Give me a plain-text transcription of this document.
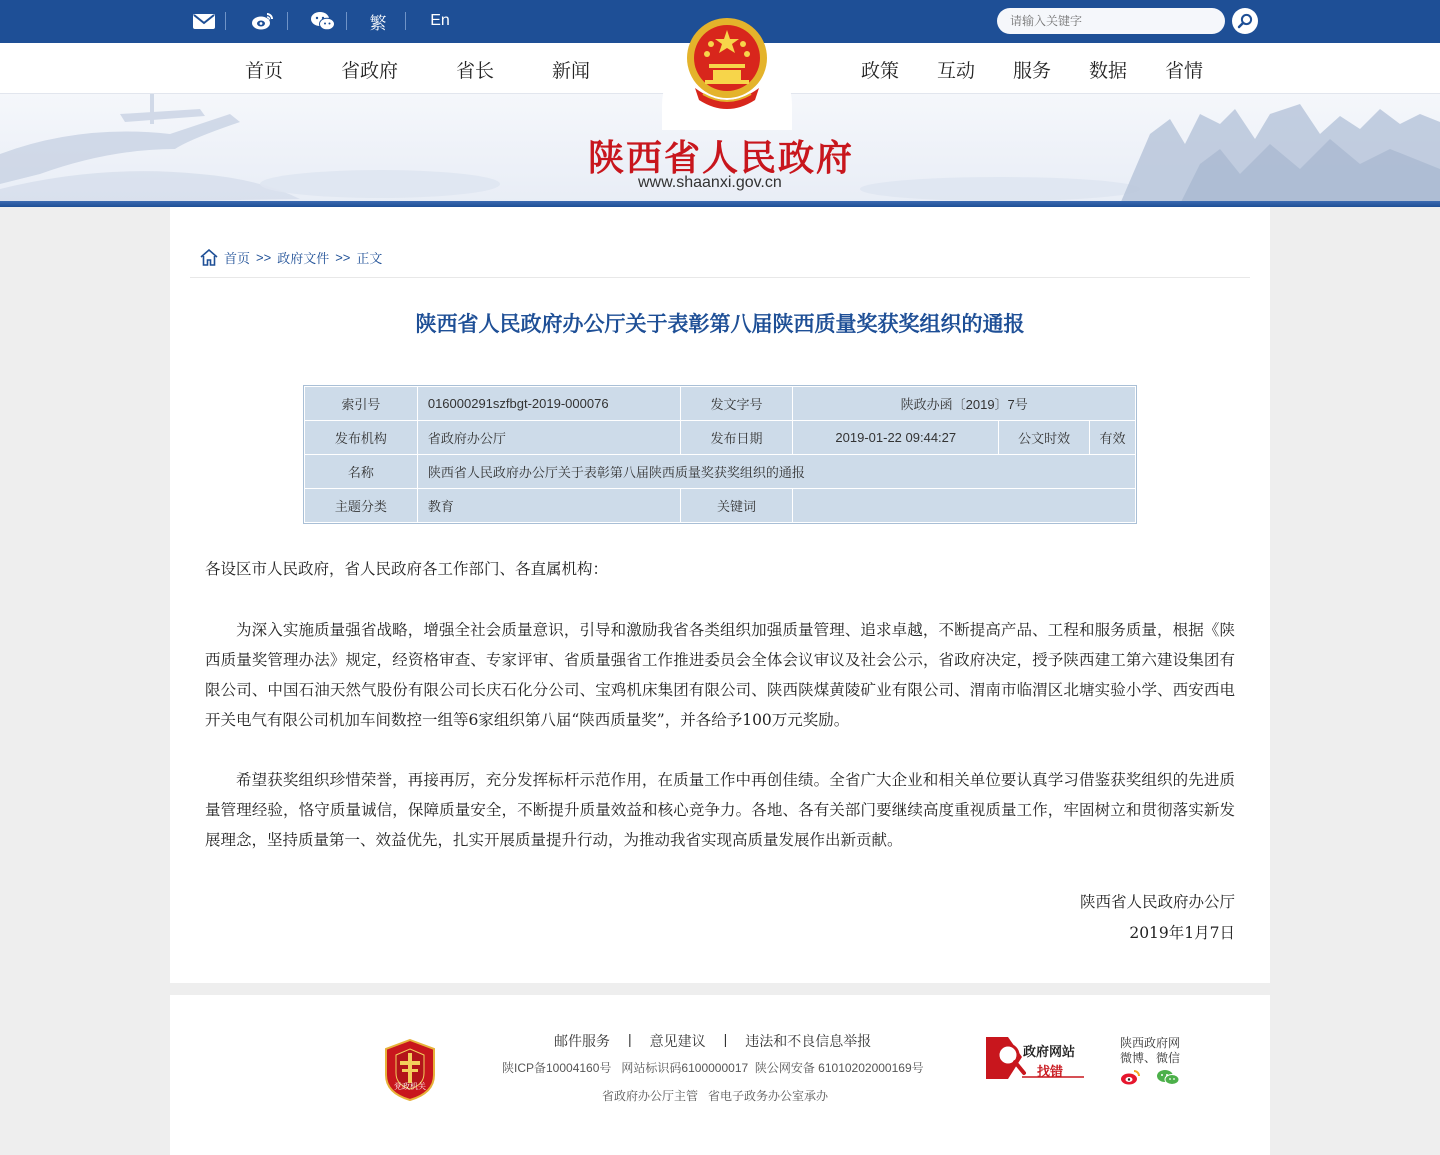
繁	En
请输入关键字
首页	省政府	省长	新闻	政策 互动 服务 数据 省情
陕西省人民政府
www.shaanxi.gov.cn
首页 >> 政府文件 >> 正文
陕西省人民政府办公厅关于表彰第八届陕西质量奖获奖组织的通报
索引号	016000291szfbgt-2019-000076	发文字号	陕政办函〔2019〕7号		
发布机构	省政府办公厅	发布日期	2019-01-22 09:44:27	公文时效	有效
名称	陕西省人民政府办公厅关于表彰第八届陕西质量奖获奖组织的通报				
主题分类	教育	关键词			
各设区市人民政府，省人民政府各工作部门、各直属机构：
为深入实施质量强省战略，增强全社会质量意识，引导和激励我省各类组织加强质量管理、追求卓越，不断提高产品、工程和服务质量，根据《陕西质量奖管理办法》规定，经资格审查、专家评审、省质量强省工作推进委员会全体会议审议及社会公示，省政府决定，授予陕西建工第六建设集团有限公司、中国石油天然气股份有限公司长庆石化分公司、宝鸡机床集团有限公司、陕西陕煤黄陵矿业有限公司、渭南市临渭区北塘实验小学、西安西电开关电气有限公司机加车间数控一组等6家组织第八届“陕西质量奖”，并各给予100万元奖励。
希望获奖组织珍惜荣誉，再接再厉，充分发挥标杆示范作用，在质量工作中再创佳绩。全省广大企业和相关单位要认真学习借鉴获奖组织的先进质量管理经验，恪守质量诚信，保障质量安全，不断提升质量效益和核心竞争力。各地、各有关部门要继续高度重视质量工作，牢固树立和贯彻落实新发展理念，坚持质量第一、效益优先，扎实开展质量提升行动，为推动我省实现高质量发展作出新贡献。
陕西省人民政府办公厅
2019年1月7日
党政机关
邮件服务 | 意见建议 | 违法和不良信息举报
陕ICP备10004160号 网站标识码6100000017 陕公网安备 61010202000169号
省政府办公厅主管 省电子政务办公室承办
政府网站
找错
陕西政府网
微博、微信
